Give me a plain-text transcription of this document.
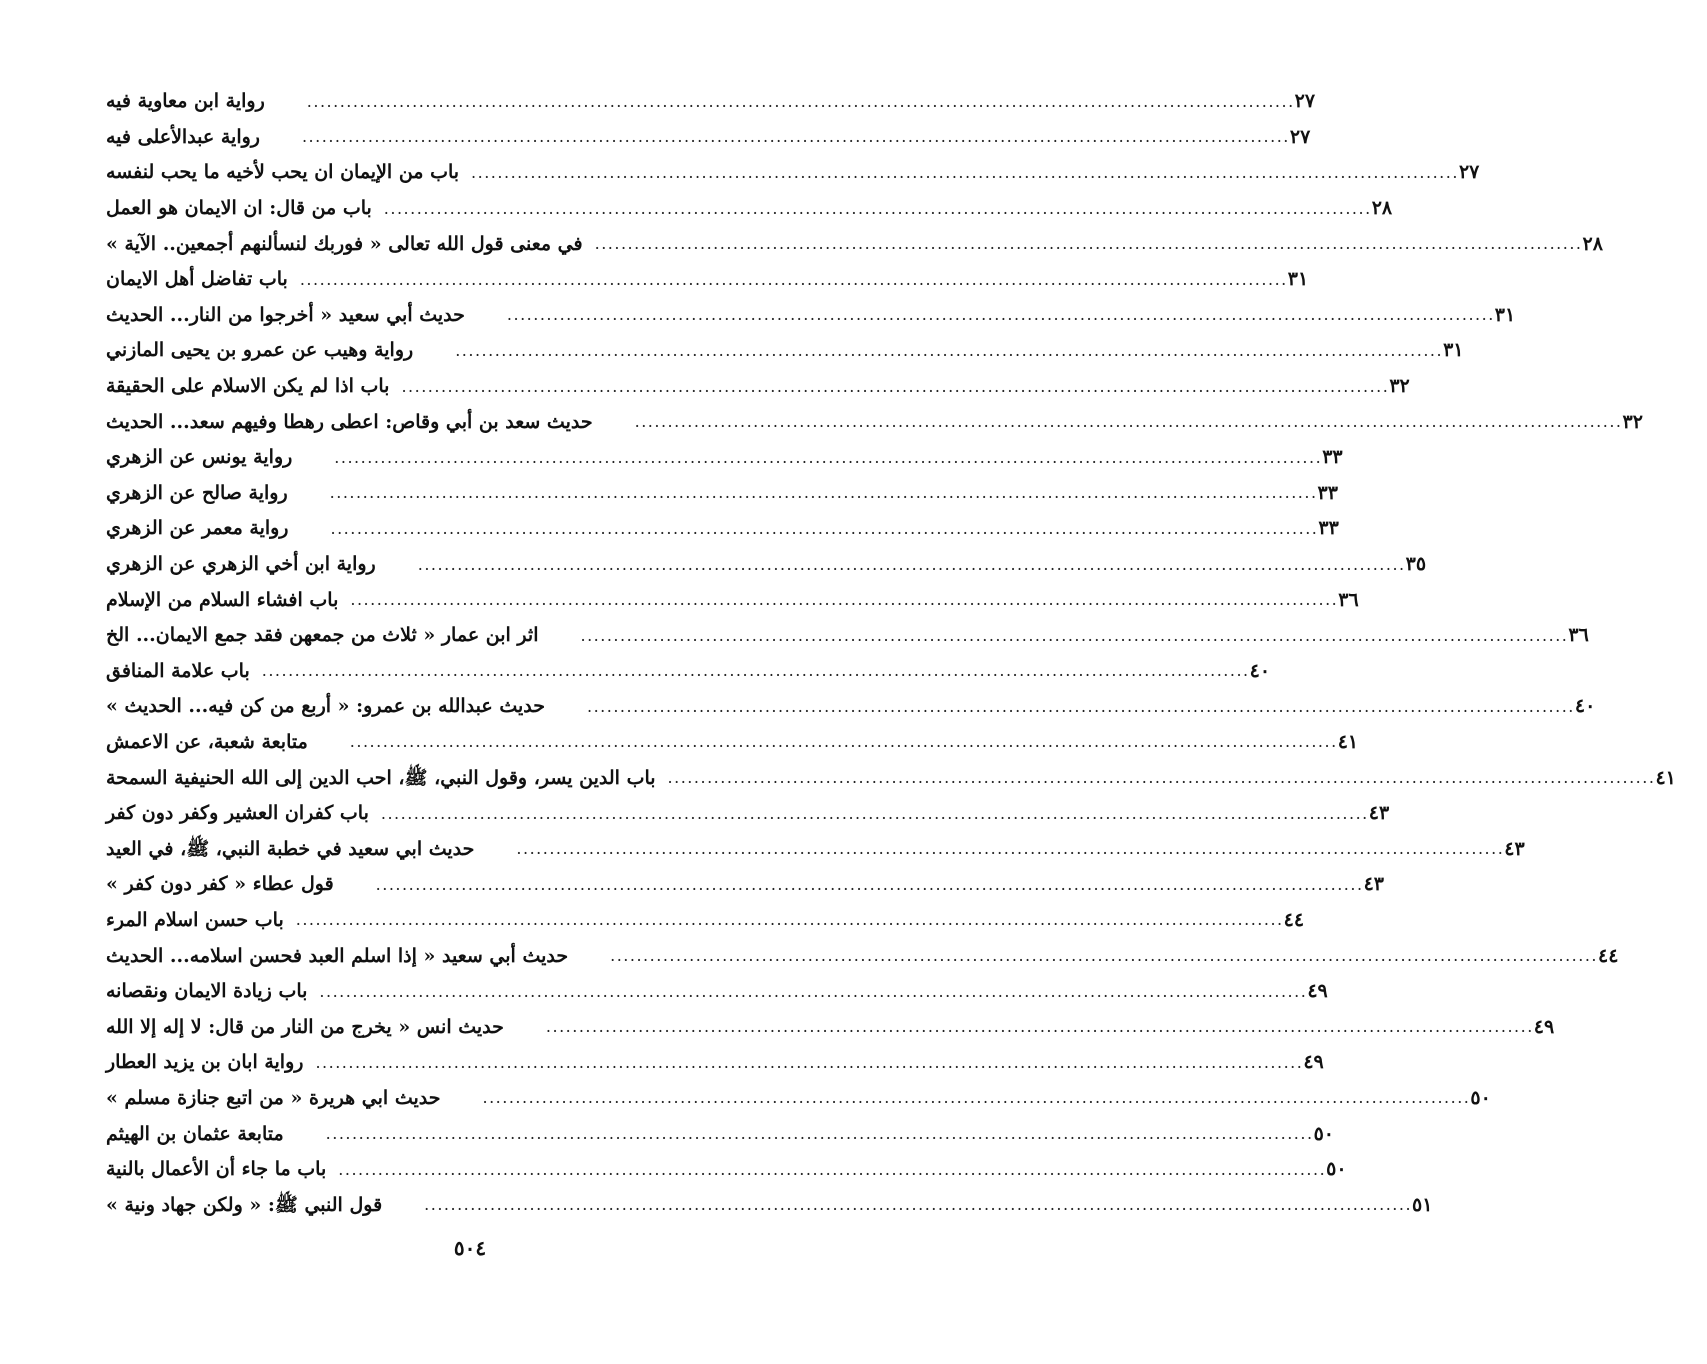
رواية ابن معاوية فيه	...................................................................................................................................................... ٢٧
رواية عبدالأعلى فيه	...................................................................................................................................................... ٢٧
باب من الإيمان ان يحب لأخيه ما يحب لنفسه ...................................................................................................................................................... ٢٧
باب من قال: ان الايمان هو العمل ...................................................................................................................................................... ٢٨
في معنى قول الله تعالى « فوربك لنسألنهم أجمعين.. الآية » ...................................................................................................................................................... ٢٨
باب تفاضل أهل الايمان ...................................................................................................................................................... ٣١
حديث أبي سعيد « أخرجوا من النار... الحديث	...................................................................................................................................................... ٣١
رواية وهيب عن عمرو بن يحيى المازني	...................................................................................................................................................... ٣١
باب اذا لم يكن الاسلام على الحقيقة ...................................................................................................................................................... ٣٢
حديث سعد بن أبي وقاص: اعطى رهطا وفيهم سعد... الحديث	...................................................................................................................................................... ٣٢
رواية يونس عن الزهري	...................................................................................................................................................... ٣٣
رواية صالح عن الزهري	...................................................................................................................................................... ٣٣
رواية معمر عن الزهري	...................................................................................................................................................... ٣٣
رواية ابن أخي الزهري عن الزهري	...................................................................................................................................................... ٣٥
باب افشاء السلام من الإسلام ...................................................................................................................................................... ٣٦
اثر ابن عمار « ثلاث من جمعهن فقد جمع الايمان... الخ	...................................................................................................................................................... ٣٦
باب علامة المنافق ...................................................................................................................................................... ٤٠
حديث عبدالله بن عمرو: « أربع من كن فيه... الحديث »	...................................................................................................................................................... ٤٠
متابعة شعبة، عن الاعمش	...................................................................................................................................................... ٤١
باب الدين يسر، وقول النبي، ﷺ، احب الدين إلى الله الحنيفية السمحة ...................................................................................................................................................... ٤١
باب كفران العشير وكفر دون كفر ...................................................................................................................................................... ٤٣
حديث ابي سعيد في خطبة النبي، ﷺ، في العيد	...................................................................................................................................................... ٤٣
قول عطاء « كفر دون كفر »	...................................................................................................................................................... ٤٣
باب حسن اسلام المرء ...................................................................................................................................................... ٤٤
حديث أبي سعيد « إذا اسلم العبد فحسن اسلامه... الحديث	...................................................................................................................................................... ٤٤
باب زيادة الايمان ونقصانه ...................................................................................................................................................... ٤٩
حديث انس « يخرج من النار من قال: لا إله إلا الله	...................................................................................................................................................... ٤٩
رواية ابان بن يزيد العطار ...................................................................................................................................................... ٤٩
حديث ابي هريرة « من اتبع جنازة مسلم »	...................................................................................................................................................... ٥٠
متابعة عثمان بن الهيثم	...................................................................................................................................................... ٥٠
باب ما جاء أن الأعمال بالنية ...................................................................................................................................................... ٥٠
قول النبي ﷺ: « ولكن جهاد ونية »	...................................................................................................................................................... ٥١
٥٠٤
